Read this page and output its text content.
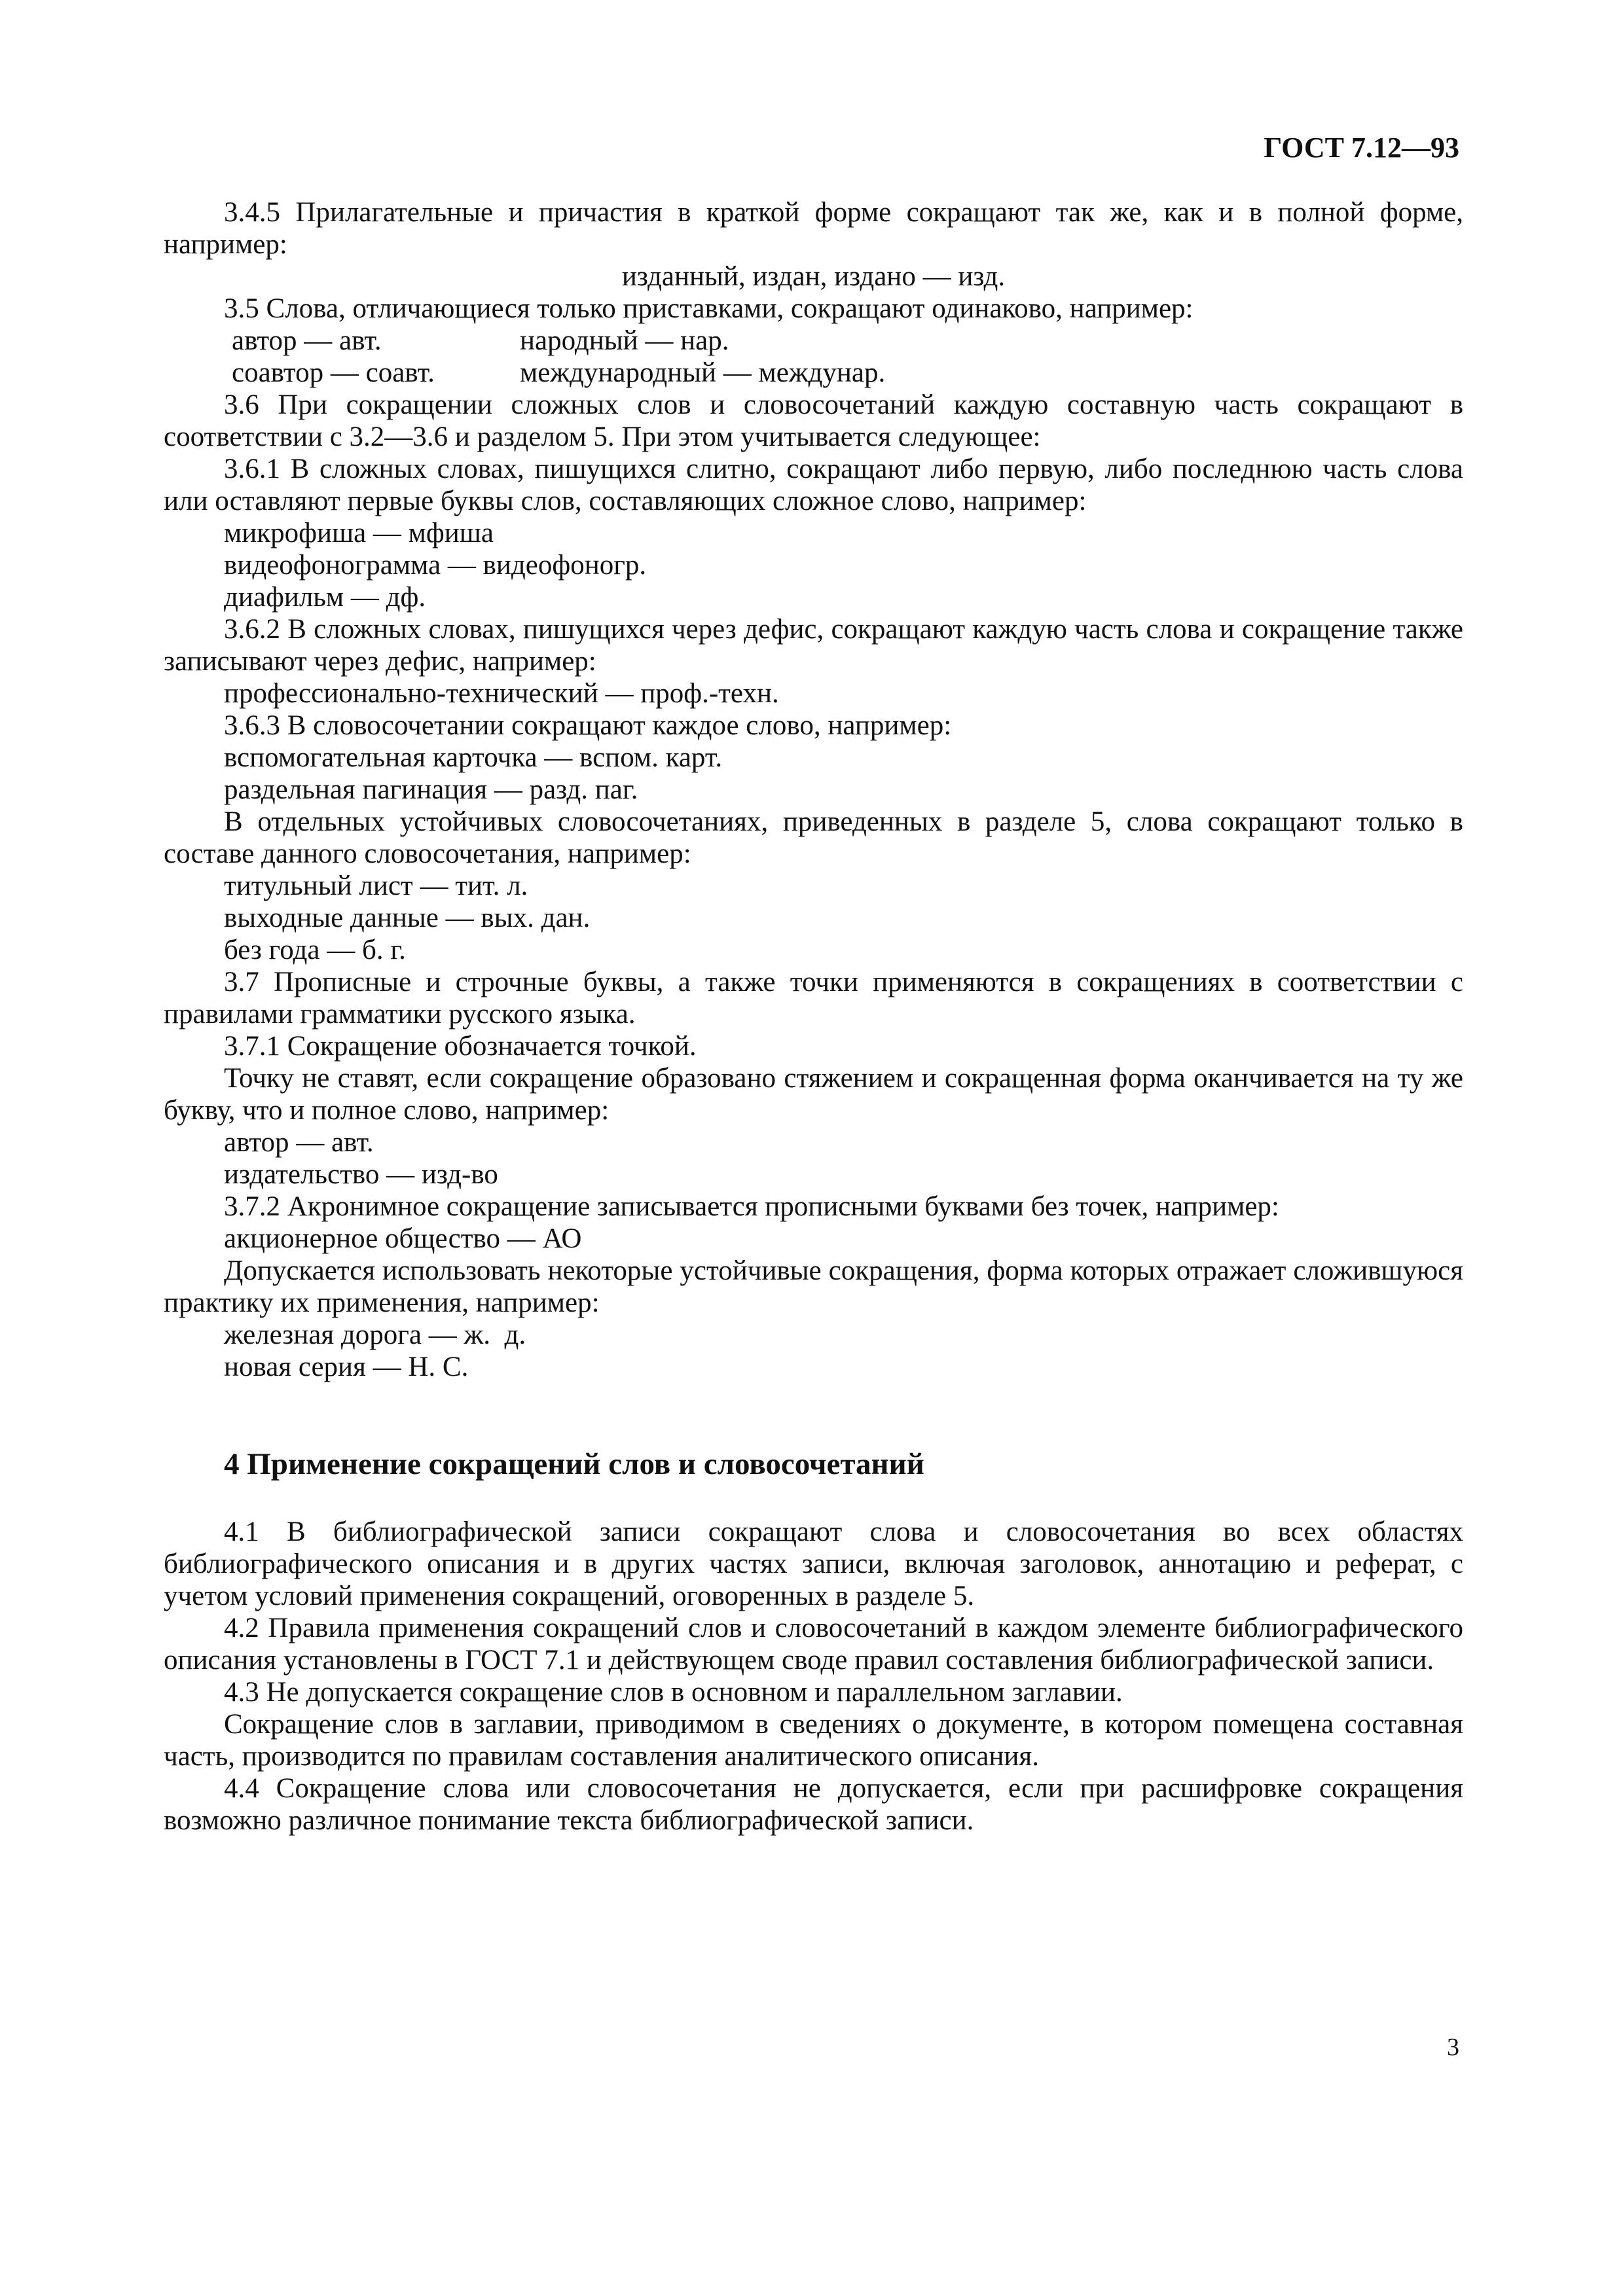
ГОСТ 7.12—93

3.4.5 Прилагательные и причастия в краткой форме сокращают так же, как и в полной форме, например:

изданный, издан, издано — изд.

3.5 Слова, отличающиеся только приставками, сокращают одинаково, например:

автор — авт.	народный — нар.
соавтор — соавт.	международный — междунар.

3.6 При сокращении сложных слов и словосочетаний каждую составную часть сокращают в соответствии с 3.2—3.6 и разделом 5. При этом учитывается следующее:

3.6.1 В сложных словах, пишущихся слитно, сокращают либо первую, либо последнюю часть слова или оставляют первые буквы слов, составляющих сложное слово, например:

микрофиша — мфиша

видеофонограмма — видеофоногр.

диафильм — дф.

3.6.2 В сложных словах, пишущихся через дефис, сокращают каждую часть слова и сокращение также записывают через дефис, например:

профессионально-технический — проф.-техн.

3.6.3 В словосочетании сокращают каждое слово, например:

вспомогательная карточка — вспом. карт.

раздельная пагинация — разд. паг.

В отдельных устойчивых словосочетаниях, приведенных в разделе 5, слова сокращают только в составе данного словосочетания, например:

титульный лист — тит. л.

выходные данные — вых. дан.

без года — б. г.

3.7 Прописные и строчные буквы, а также точки применяются в сокращениях в соответствии с правилами грамматики русского языка.

3.7.1 Сокращение обозначается точкой.

Точку не ставят, если сокращение образовано стяжением и сокращенная форма оканчивается на ту же букву, что и полное слово, например:

автор — авт.

издательство — изд-во

3.7.2 Акронимное сокращение записывается прописными буквами без точек, например:

акционерное общество — АО

Допускается использовать некоторые устойчивые сокращения, форма которых отражает сложившуюся практику их применения, например:

железная дорога — ж.  д.

новая серия — Н. С.

4 Применение сокращений слов и словосочетаний

4.1 В библиографической записи сокращают слова и словосочетания во всех областях библиографического описания и в других частях записи, включая заголовок, аннотацию и реферат, с учетом условий применения сокращений, оговоренных в разделе 5.

4.2 Правила применения сокращений слов и словосочетаний в каждом элементе библиографического описания установлены в ГОСТ 7.1 и действующем своде правил составления библиографической записи.

4.3 Не допускается сокращение слов в основном и параллельном заглавии.

Сокращение слов в заглавии, приводимом в сведениях о документе, в котором помещена составная часть, производится по правилам составления аналитического описания.

4.4 Сокращение слова или словосочетания не допускается, если при расшифровке сокращения возможно различное понимание текста библиографической записи.

3
